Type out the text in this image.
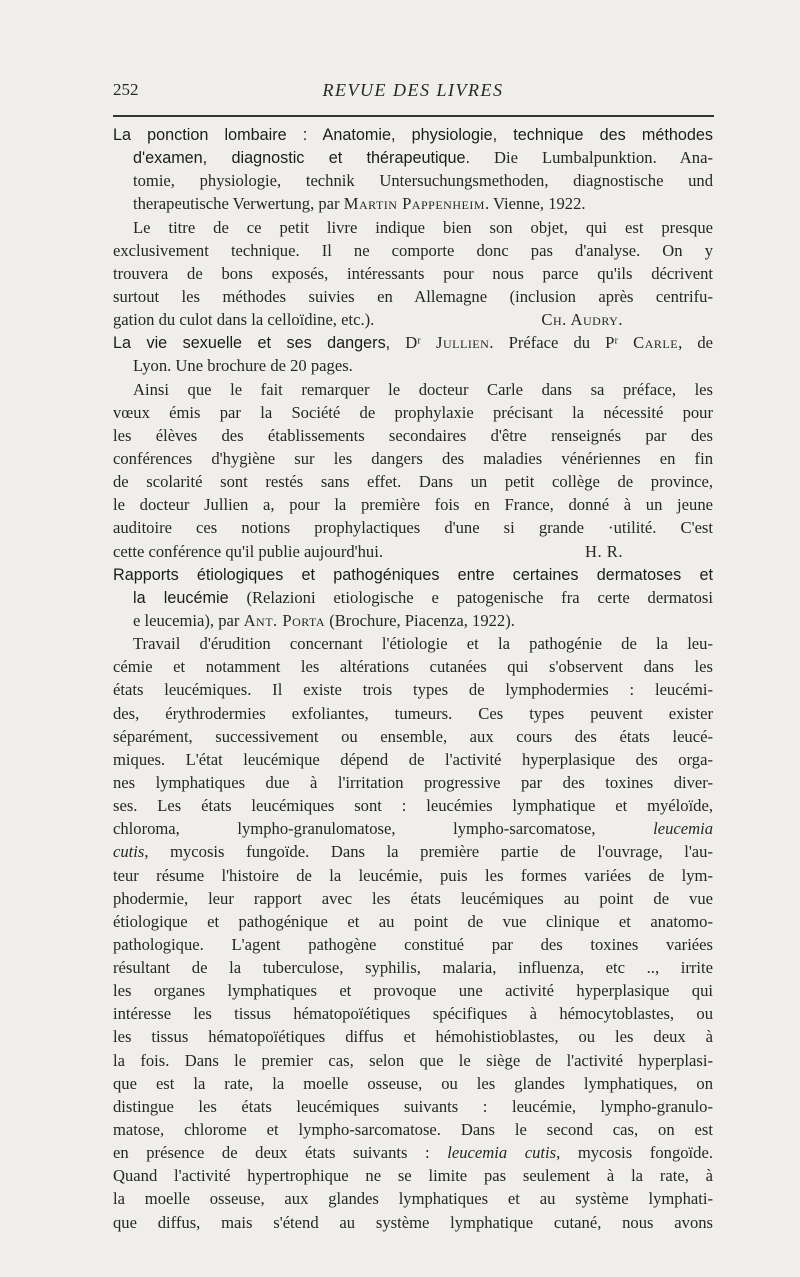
252	REVUE DES LIVRES
La ponction lombaire : Anatomie, physiologie, technique des méthodes
d'examen, diagnostic et thérapeutique. Die Lumbalpunktion. Ana-
tomie, physiologie, technik Untersuchungsmethoden, diagnostische und
therapeutische Verwertung, par Martin Pappenheim. Vienne, 1922.
Le titre de ce petit livre indique bien son objet, qui est presque
exclusivement technique. Il ne comporte donc pas d'analyse. On y
trouvera de bons exposés, intéressants pour nous parce qu'ils décrivent
surtout les méthodes suivies en Allemagne (inclusion après centrifu-
gation du culot dans la celloïdine, etc.).	Ch. Audry.
La vie sexuelle et ses dangers, Dʳ Jullien. Préface du Pʳ Carle, de
Lyon. Une brochure de 20 pages.
Ainsi que le fait remarquer le docteur Carle dans sa préface, les
vœux émis par la Société de prophylaxie précisant la nécessité pour
les élèves des établissements secondaires d'être renseignés par des
conférences d'hygiène sur les dangers des maladies vénériennes en fin
de scolarité sont restés sans effet. Dans un petit collège de province,
le docteur Jullien a, pour la première fois en France, donné à un jeune
auditoire ces notions prophylactiques d'une si grande ·utilité. C'est
cette conférence qu'il publie aujourd'hui.	H. R.
Rapports étiologiques et pathogéniques entre certaines dermatoses et
la leucémie (Relazioni etiologische e patogenische fra certe dermatosi
e leucemia), par Ant. Porta (Brochure, Piacenza, 1922).
Travail d'érudition concernant l'étiologie et la pathogénie de la leu-
cémie et notamment les altérations cutanées qui s'observent dans les
états leucémiques. Il existe trois types de lymphodermies : leucémi-
des, érythrodermies exfoliantes, tumeurs. Ces types peuvent exister
séparément, successivement ou ensemble, aux cours des états leucé-
miques. L'état leucémique dépend de l'activité hyperplasique des orga-
nes lymphatiques due à l'irritation progressive par des toxines diver-
ses. Les états leucémiques sont : leucémies lymphatique et myéloïde,
chloroma, lympho-granulomatose, lympho-sarcomatose, leucemia
cutis, mycosis fungoïde. Dans la première partie de l'ouvrage, l'au-
teur résume l'histoire de la leucémie, puis les formes variées de lym-
phodermie, leur rapport avec les états leucémiques au point de vue
étiologique et pathogénique et au point de vue clinique et anatomo-
pathologique. L'agent pathogène constitué par des toxines variées
résultant de la tuberculose, syphilis, malaria, influenza, etc .., irrite
les organes lymphatiques et provoque une activité hyperplasique qui
intéresse les tissus hématopoïétiques spécifiques à hémocytoblastes, ou
les tissus hématopoïétiques diffus et hémohistioblastes, ou les deux à
la fois. Dans le premier cas, selon que le siège de l'activité hyperplasi-
que est la rate, la moelle osseuse, ou les glandes lymphatiques, on
distingue les états leucémiques suivants : leucémie, lympho-granulo-
matose, chlorome et lympho-sarcomatose. Dans le second cas, on est
en présence de deux états suivants : leucemia cutis, mycosis fongoïde.
Quand l'activité hypertrophique ne se limite pas seulement à la rate, à
la moelle osseuse, aux glandes lymphatiques et au système lymphati-
que diffus, mais s'étend au système lymphatique cutané, nous avons
